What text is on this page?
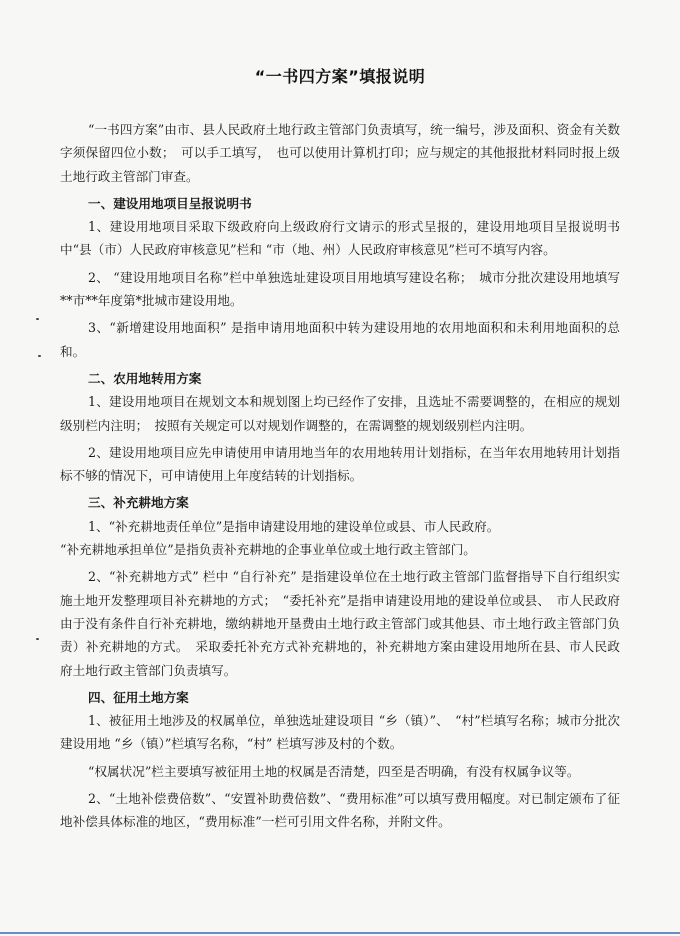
“一书四方案”填报说明

“一书四方案”由市、县人民政府土地行政主管部门负责填写，统一编号，涉及面积、资金有关数字须保留四位小数；　可以手工填写，　也可以使用计算机打印；应与规定的其他报批材料同时报上级土地行政主管部门审查。

一、建设用地项目呈报说明书

1、建设用地项目采取下级政府向上级政府行文请示的形式呈报的，建设用地项目呈报说明书中“县（市）人民政府审核意见”栏和 “市（地、州）人民政府审核意见”栏可不填写内容。

2、 “建设用地项目名称”栏中单独选址建设项目用地填写建设名称；　城市分批次建设用地填写**市**年度第*批城市建设用地。

3、“新增建设用地面积” 是指申请用地面积中转为建设用地的农用地面积和未利用地面积的总和。

二、农用地转用方案

1、建设用地项目在规划文本和规划图上均已经作了安排，且选址不需要调整的，在相应的规划级别栏内注明；　按照有关规定可以对规划作调整的，在需调整的规划级别栏内注明。

2、建设用地项目应先申请使用申请用地当年的农用地转用计划指标，在当年农用地转用计划指标不够的情况下，可申请使用上年度结转的计划指标。

三、补充耕地方案

1、“补充耕地责任单位”是指申请建设用地的建设单位或县、市人民政府。

“补充耕地承担单位”是指负责补充耕地的企事业单位或土地行政主管部门。

2、“补充耕地方式” 栏中 “自行补充” 是指建设单位在土地行政主管部门监督指导下自行组织实施土地开发整理项目补充耕地的方式；　“委托补充”是指申请建设用地的建设单位或县、　市人民政府由于没有条件自行补充耕地，缴纳耕地开垦费由土地行政主管部门或其他县、市土地行政主管部门负责）补充耕地的方式。　采取委托补充方式补充耕地的，补充耕地方案由建设用地所在县、市人民政府土地行政主管部门负责填写。

四、征用土地方案

1、被征用土地涉及的权属单位，单独选址建设项目 “乡（镇）”、　“村”栏填写名称；城市分批次建设用地 “乡（镇）”栏填写名称，“村” 栏填写涉及村的个数。

“权属状况”栏主要填写被征用土地的权属是否清楚，四至是否明确，有没有权属争议等。

2、“土地补偿费倍数”、“安置补助费倍数”、“费用标准”可以填写费用幅度。对已制定颁布了征地补偿具体标准的地区，“费用标准”一栏可引用文件名称，并附文件。
